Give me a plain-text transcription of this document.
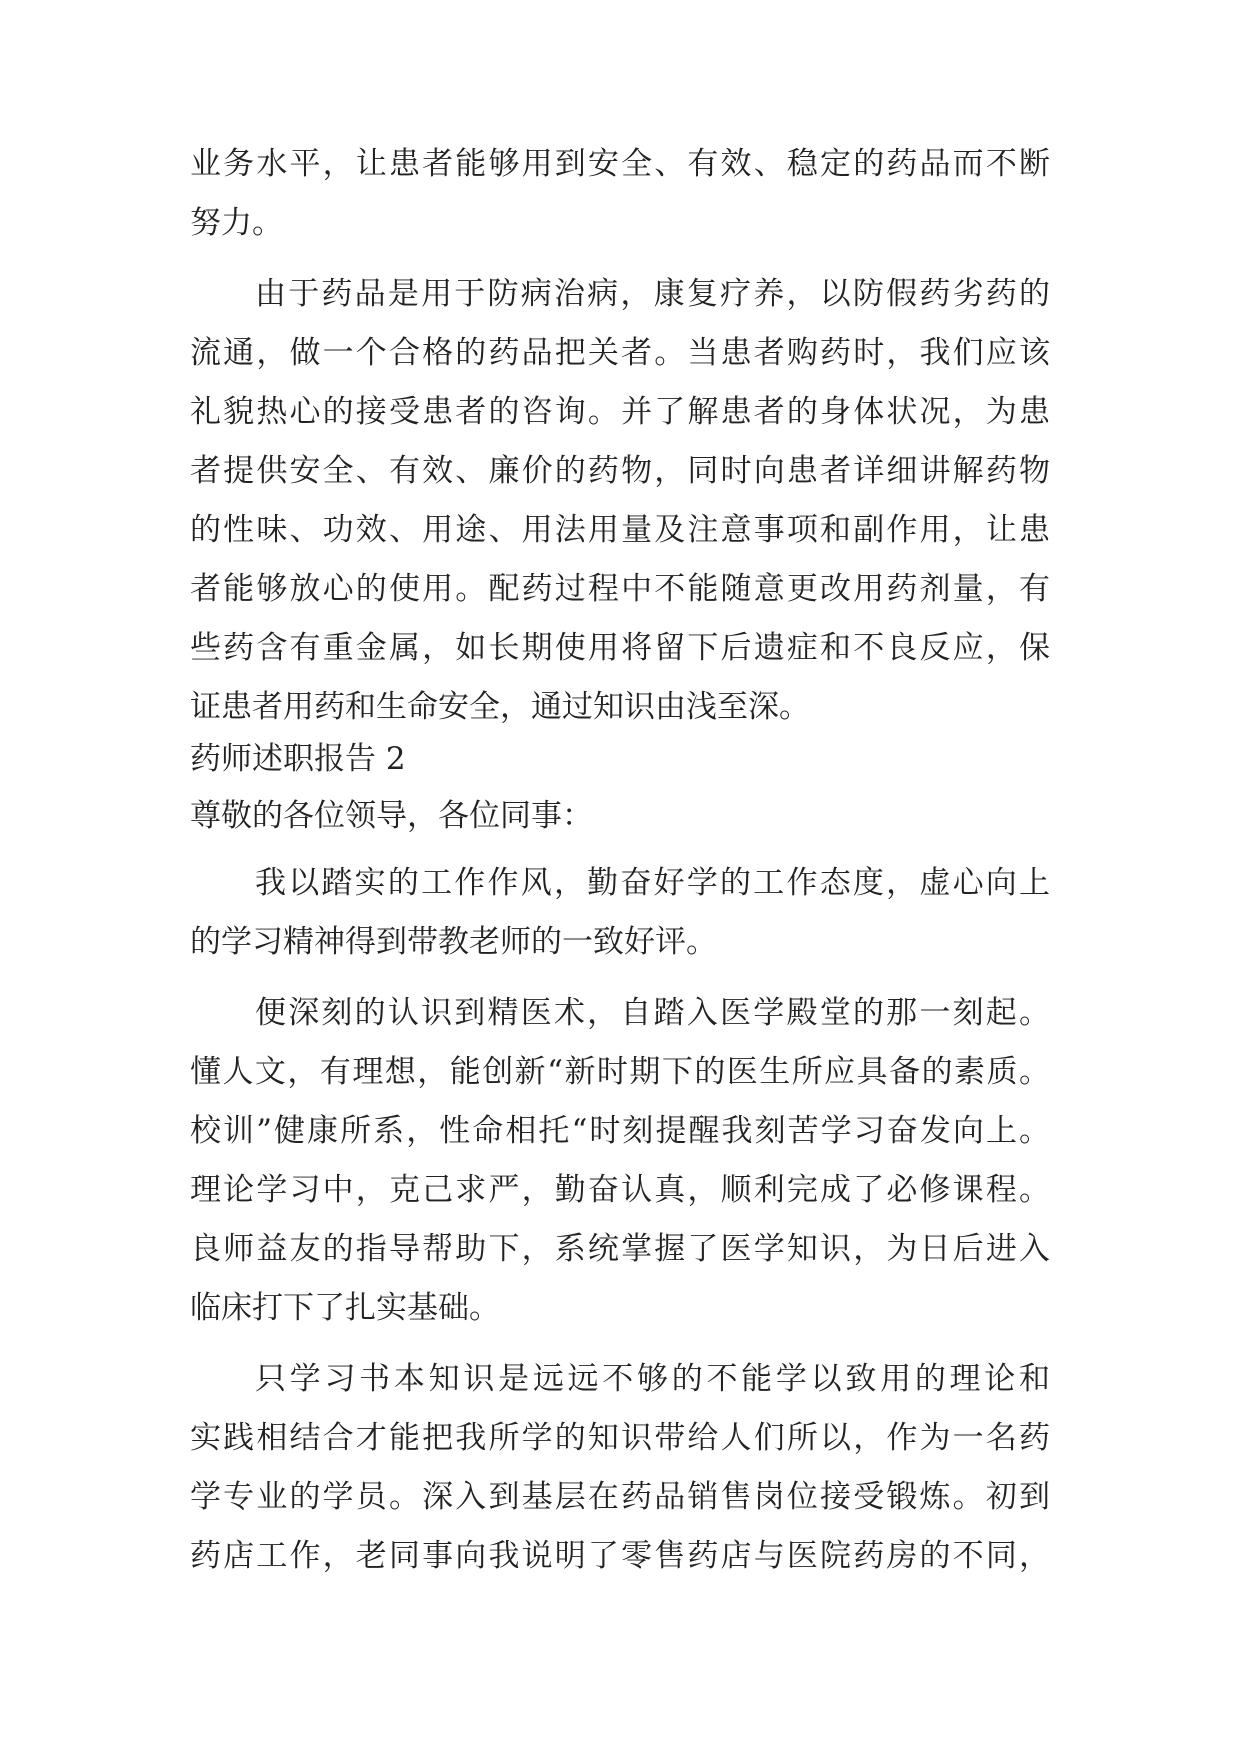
业务水平，让患者能够用到安全、有效、稳定的药品而不断
努力。
由于药品是用于防病治病，康复疗养，以防假药劣药的
流通，做一个合格的药品把关者。当患者购药时，我们应该
礼貌热心的接受患者的咨询。并了解患者的身体状况，为患
者提供安全、有效、廉价的药物，同时向患者详细讲解药物
的性味、功效、用途、用法用量及注意事项和副作用，让患
者能够放心的使用。配药过程中不能随意更改用药剂量，有
些药含有重金属，如长期使用将留下后遗症和不良反应，保
证患者用药和生命安全，通过知识由浅至深。
药师述职报告 2
尊敬的各位领导，各位同事：
我以踏实的工作作风，勤奋好学的工作态度，虚心向上
的学习精神得到带教老师的一致好评。
便深刻的认识到精医术，自踏入医学殿堂的那一刻起。
懂人文，有理想，能创新“新时期下的医生所应具备的素质。
校训”健康所系，性命相托“时刻提醒我刻苦学习奋发向上。
理论学习中，克己求严，勤奋认真，顺利完成了必修课程。
良师益友的指导帮助下，系统掌握了医学知识，为日后进入
临床打下了扎实基础。
只学习书本知识是远远不够的不能学以致用的理论和
实践相结合才能把我所学的知识带给人们所以，作为一名药
学专业的学员。深入到基层在药品销售岗位接受锻炼。初到
药店工作，老同事向我说明了零售药店与医院药房的不同，
